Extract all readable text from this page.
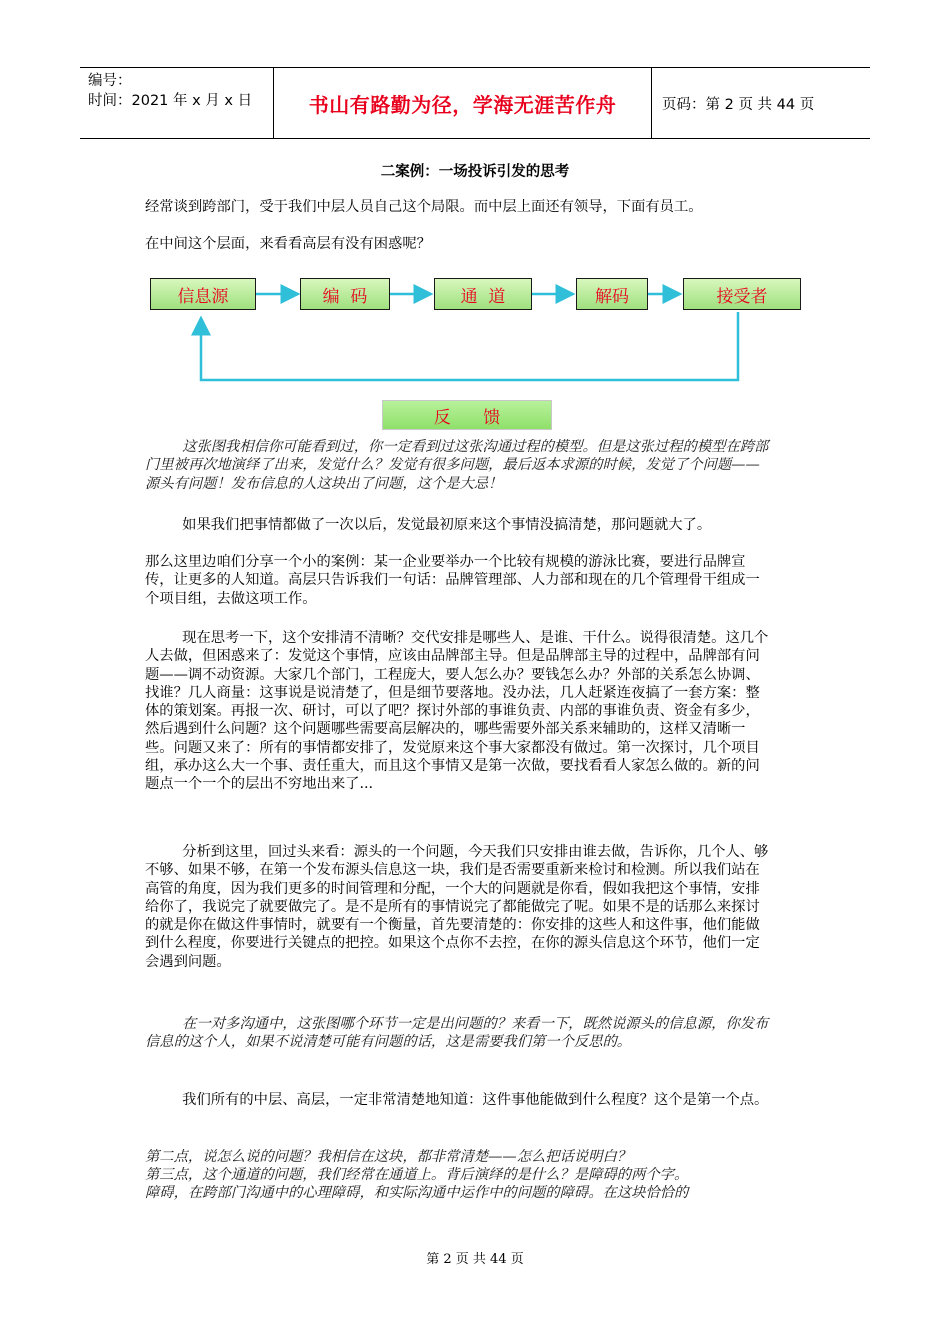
编号：
时间：2021 年 x 月 x 日	书山有路勤为径，学海无涯苦作舟	页码：第 2 页 共 44 页
二案例：一场投诉引发的思考

经常谈到跨部门，受于我们中层人员自己这个局限。而中层上面还有领导，下面有员工。

在中间这个层面，来看看高层有没有困惑呢？

信息源	编  码	通  道	解码	接受者
反      馈

这张图我相信你可能看到过，你一定看到过这张沟通过程的模型。但是这张过程的模型在跨部门里被再次地演绎了出来，发觉什么？发觉有很多问题，最后返本求源的时候，发觉了个问题——源头有问题！发布信息的人这块出了问题，这个是大忌！

如果我们把事情都做了一次以后，发觉最初原来这个事情没搞清楚，那问题就大了。

那么这里边咱们分享一个小的案例：某一企业要举办一个比较有规模的游泳比赛，要进行品牌宣传，让更多的人知道。高层只告诉我们一句话：品牌管理部、人力部和现在的几个管理骨干组成一个项目组，去做这项工作。

现在思考一下，这个安排清不清晰？交代安排是哪些人、是谁、干什么。说得很清楚。这几个人去做，但困惑来了：发觉这个事情，应该由品牌部主导。但是品牌部主导的过程中，品牌部有问题——调不动资源。大家几个部门，工程庞大，要人怎么办？要钱怎么办？外部的关系怎么协调、找谁？几人商量：这事说是说清楚了，但是细节要落地。没办法，几人赶紧连夜搞了一套方案：整体的策划案。再报一次、研讨，可以了吧？探讨外部的事谁负责、内部的事谁负责、资金有多少，然后遇到什么问题？这个问题哪些需要高层解决的，哪些需要外部关系来辅助的，这样又清晰一些。问题又来了：所有的事情都安排了，发觉原来这个事大家都没有做过。第一次探讨，几个项目组，承办这么大一个事、责任重大，而且这个事情又是第一次做，要找看看人家怎么做的。新的问题点一个一个的层出不穷地出来了...

分析到这里，回过头来看：源头的一个问题，今天我们只安排由谁去做，告诉你，几个人、够不够、如果不够，在第一个发布源头信息这一块，我们是否需要重新来检讨和检测。所以我们站在高管的角度，因为我们更多的时间管理和分配，一个大的问题就是你看，假如我把这个事情，安排给你了，我说完了就要做完了。是不是所有的事情说完了都能做完了呢。如果不是的话那么来探讨的就是你在做这件事情时，就要有一个衡量，首先要清楚的：你安排的这些人和这件事，他们能做到什么程度，你要进行关键点的把控。如果这个点你不去控，在你的源头信息这个环节，他们一定会遇到问题。

在一对多沟通中，这张图哪个环节一定是出问题的？来看一下，既然说源头的信息源，你发布信息的这个人，如果不说清楚可能有问题的话，这是需要我们第一个反思的。

我们所有的中层、高层，一定非常清楚地知道：这件事他能做到什么程度？这个是第一个点。

第二点，说怎么说的问题？我相信在这块，都非常清楚——怎么把话说明白？

第三点，这个通道的问题，我们经常在通道上。背后演绎的是什么？是障碍的两个字。

障碍，在跨部门沟通中的心理障碍，和实际沟通中运作中的问题的障碍。在这块恰恰的

第 2 页 共 44 页
